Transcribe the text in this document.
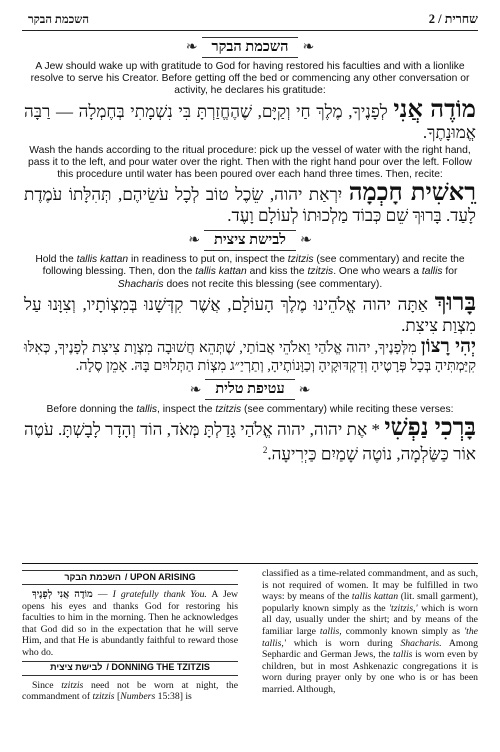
השכמת הבקר	שחרית / 2
❧ השכמת הבקר	❧
A Jew should wake up with gratitude to God for having restored his faculties and with a lionlike resolve to serve his Creator. Before getting off the bed or commencing any other conversation or activity, he declares his gratitude:
מוֹדֶה אֲנִי לְפָנֶיךָ, מֶלֶךְ חַי וְקַיָּם, שֶׁהֶחֱזַרְתָּ בִּי נִשְׁמָתִי בְּחֶמְלָה — רַבָּה אֱמוּנָתֶךָ.
Wash the hands according to the ritual procedure: pick up the vessel of water with the right hand, pass it to the left, and pour water over the right. Then with the right hand pour over the left. Follow this procedure until water has been poured over each hand three times. Then, recite:
רֵאשִׁית חָכְמָה יִרְאַת יהוה, שֵׂכֶל טוֹב לְכָל עֹשֵׂיהֶם, תְּהִלָּתוֹ עֹמֶדֶת לָעַד. בָּרוּךְ שֵׁם כְּבוֹד מַלְכוּתוֹ לְעוֹלָם וָעֶד.
❧ לבישת ציצית	❧
Hold the tallis kattan in readiness to put on, inspect the tzitzis (see commentary) and recite the following blessing. Then, don the tallis kattan and kiss the tzitzis. One who wears a tallis for Shacharis does not recite this blessing (see commentary).
בָּרוּךְ אַתָּה יהוה אֱלֹהֵינוּ מֶלֶךְ הָעוֹלָם, אֲשֶׁר קִדְּשָׁנוּ בְּמִצְוֹתָיו, וְצִוָּנוּ עַל מִצְוַת צִיצִת.
יְהִי רָצוֹן מִלְּפָנֶיךָ, יהוה אֱלֹהַי וֵאלֹהֵי אֲבוֹתַי, שֶׁתְּהֵא חֲשׁוּבָה מִצְוַת צִיצִת לְפָנֶיךָ, כְּאִלּוּ קִיַּמְתִּיהָ בְּכָל פְּרָטֶיהָ וְדִקְדּוּקֶיהָ וְכַוָּנוֹתֶיהָ, וְתַרְיַ״ג מִצְוֹת הַתְּלוּיִם בָּהּ. אָמֵן סֶלָה.
❧ עטיפת טלית	❧
Before donning the tallis, inspect the tzitzis (see commentary) while reciting these verses:
בָּרְכִי נַפְשִׁי * אֶת יהוה, יהוה אֱלֹהַי גָּדַלְתָּ מְּאֹד, הוֹד וְהָדָר לָבָשְׁתָּ. עֹטֶה אוֹר כַּשַּׂלְמָה, נוֹטֶה שָׁמַיִם כַּיְרִיעָה.$^2$
השכמת הבקר / UPON ARISING

מוֹדֶה אֲנִי לְפָנֶיךָ — I gratefully thank You. A Jew opens his eyes and thanks God for restoring his faculties to him in the morning. Then he acknowledges that God did so in the expectation that he will serve Him, and that He is abundantly faithful to reward those who do.

לבישת ציצית / DONNING THE TZITZIS

Since tzitzis need not be worn at night, the commandment of tzitzis [Numbers 15:38] is

classified as a time-related commandment, and as such, is not required of women. It may be fulfilled in two ways: by means of the tallis kattan (lit. small garment), popularly known simply as the 'tzitzis,' which is worn all day, usually under the shirt; and by means of the familiar large tallis, commonly known simply as 'the tallis,' which is worn during Shacharis. Among Sephardic and German Jews, the tallis is worn even by children, but in most Ashkenazic congregations it is worn during prayer only by one who is or has been married. Although,
